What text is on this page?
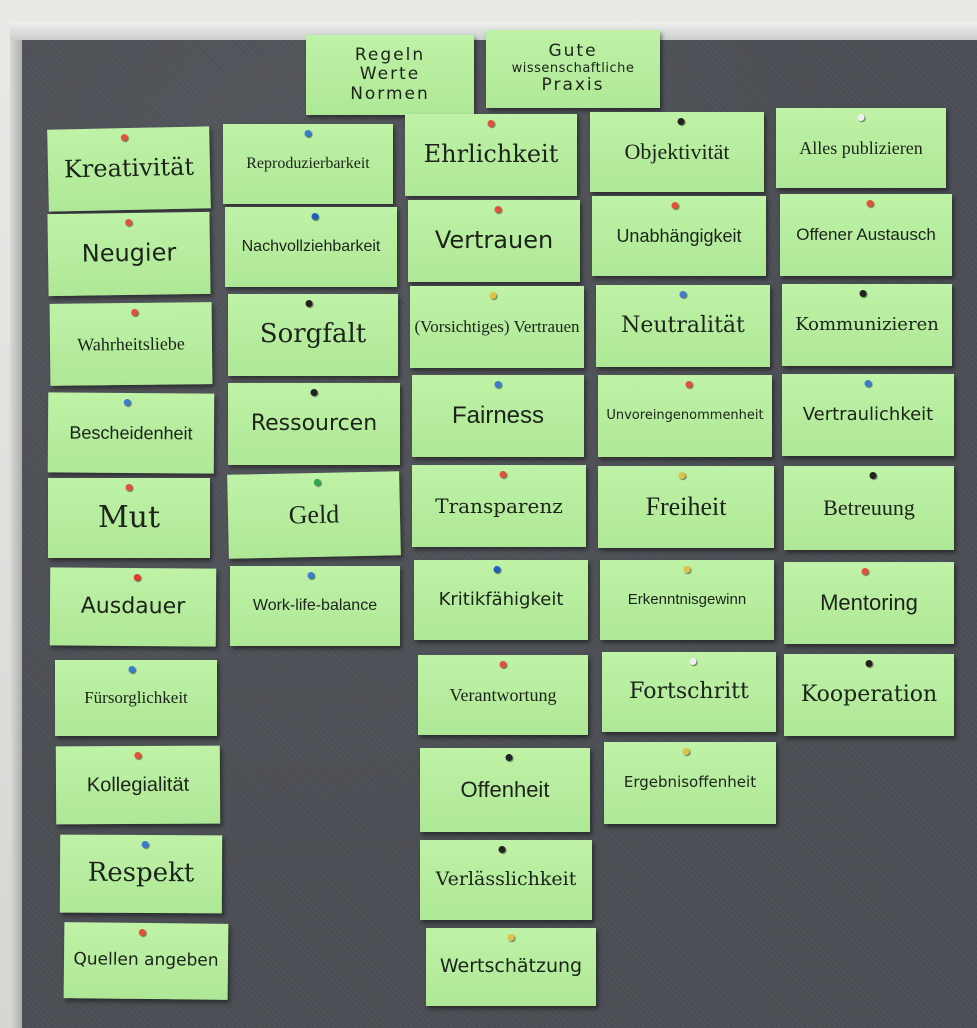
Regeln
Werte
Normen
Gute
wissenschaftliche
Praxis
Kreativität
Neugier
Wahrheitsliebe
Bescheidenheit
Mut
Ausdauer
Fürsorglichkeit
Kollegialität
Respekt
Quellen angeben
Reproduzierbarkeit
Nachvollziehbarkeit
Sorgfalt
Ressourcen
Geld
Work-life-balance
Ehrlichkeit
Vertrauen
(Vorsichtiges) Vertrauen
Fairness
Transparenz
Kritikfähigkeit
Verantwortung
Offenheit
Verlässlichkeit
Wertschätzung
Objektivität
Unabhängigkeit
Neutralität
Unvoreingenommenheit
Freiheit
Erkenntnisgewinn
Fortschritt
Ergebnisoffenheit
Alles publizieren
Offener Austausch
Kommunizieren
Vertraulichkeit
Betreuung
Mentoring
Kooperation
